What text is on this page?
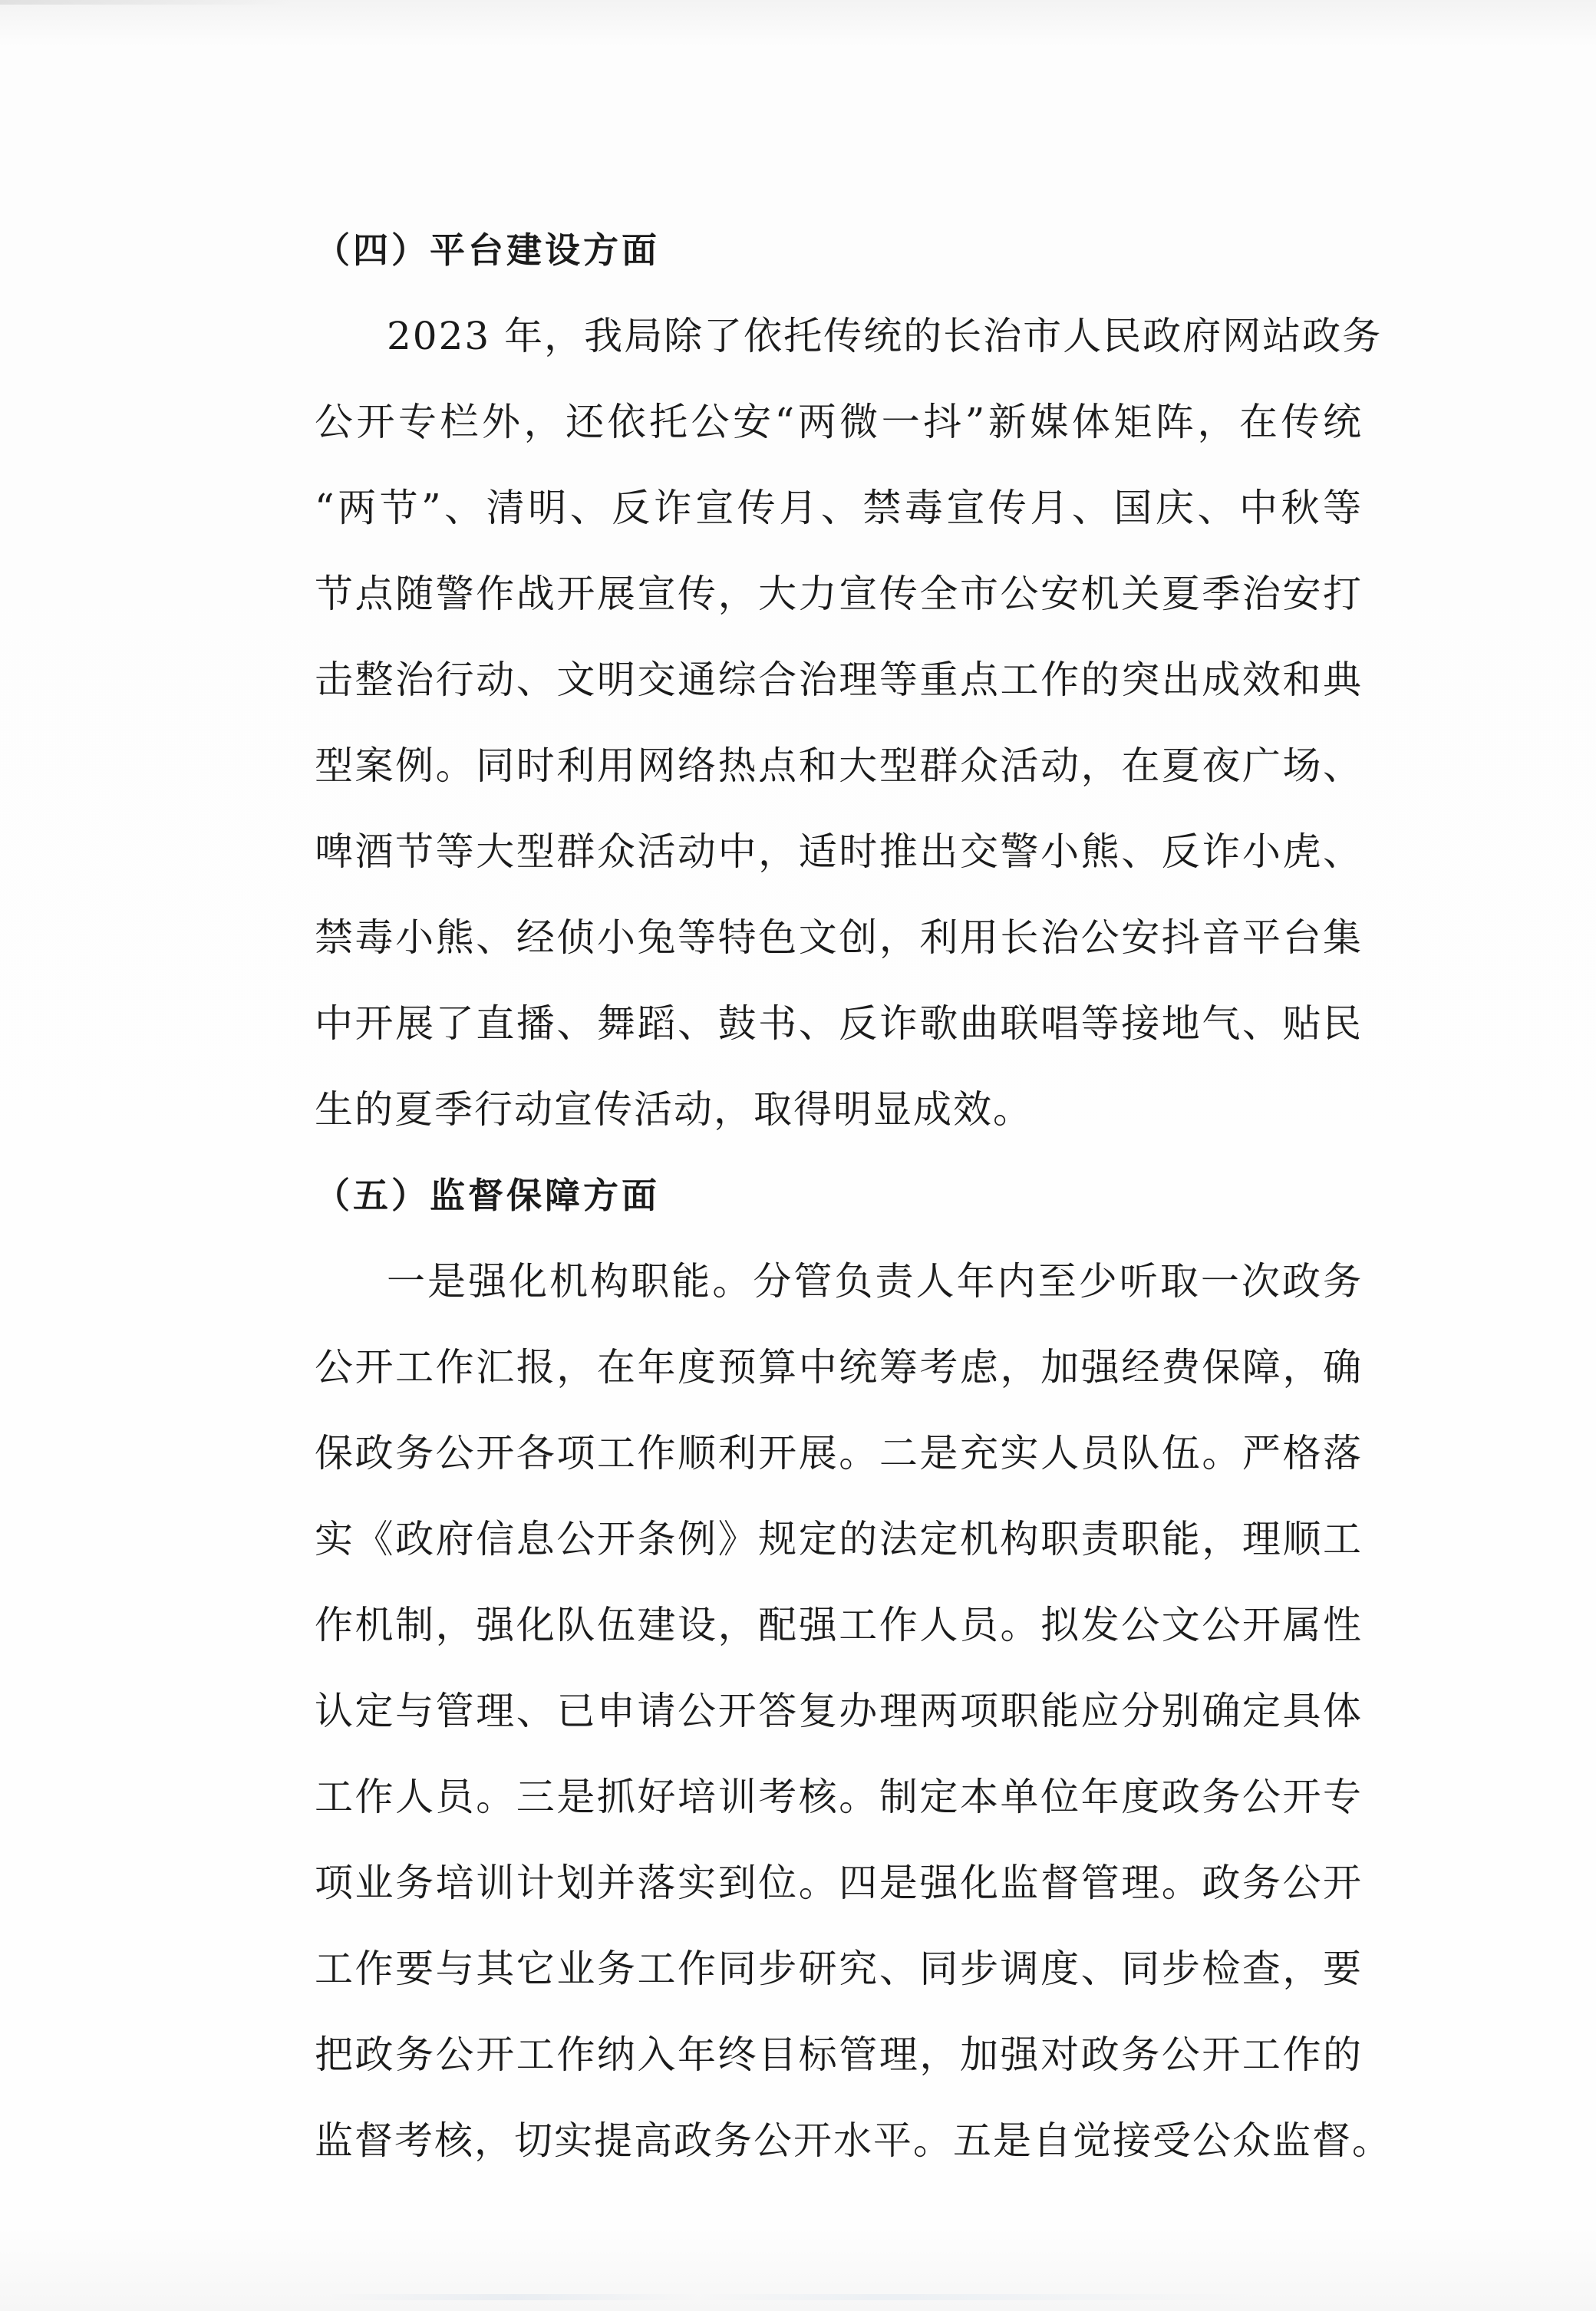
（四）平台建设方面
2023 年，我局除了依托传统的长治市人民政府网站政务
公开专栏外，还依托公安“两微一抖”新媒体矩阵，在传统
“两节”、清明、反诈宣传月、禁毒宣传月、国庆、中秋等
节点随警作战开展宣传，大力宣传全市公安机关夏季治安打
击整治行动、文明交通综合治理等重点工作的突出成效和典
型案例。同时利用网络热点和大型群众活动，在夏夜广场、
啤酒节等大型群众活动中，适时推出交警小熊、反诈小虎、
禁毒小熊、经侦小兔等特色文创，利用长治公安抖音平台集
中开展了直播、舞蹈、鼓书、反诈歌曲联唱等接地气、贴民
生的夏季行动宣传活动，取得明显成效。
（五）监督保障方面
一是强化机构职能。分管负责人年内至少听取一次政务
公开工作汇报，在年度预算中统筹考虑，加强经费保障，确
保政务公开各项工作顺利开展。二是充实人员队伍。严格落
实《政府信息公开条例》规定的法定机构职责职能，理顺工
作机制，强化队伍建设，配强工作人员。拟发公文公开属性
认定与管理、已申请公开答复办理两项职能应分别确定具体
工作人员。三是抓好培训考核。制定本单位年度政务公开专
项业务培训计划并落实到位。四是强化监督管理。政务公开
工作要与其它业务工作同步研究、同步调度、同步检查，要
把政务公开工作纳入年终目标管理，加强对政务公开工作的
监督考核，切实提高政务公开水平。五是自觉接受公众监督。
